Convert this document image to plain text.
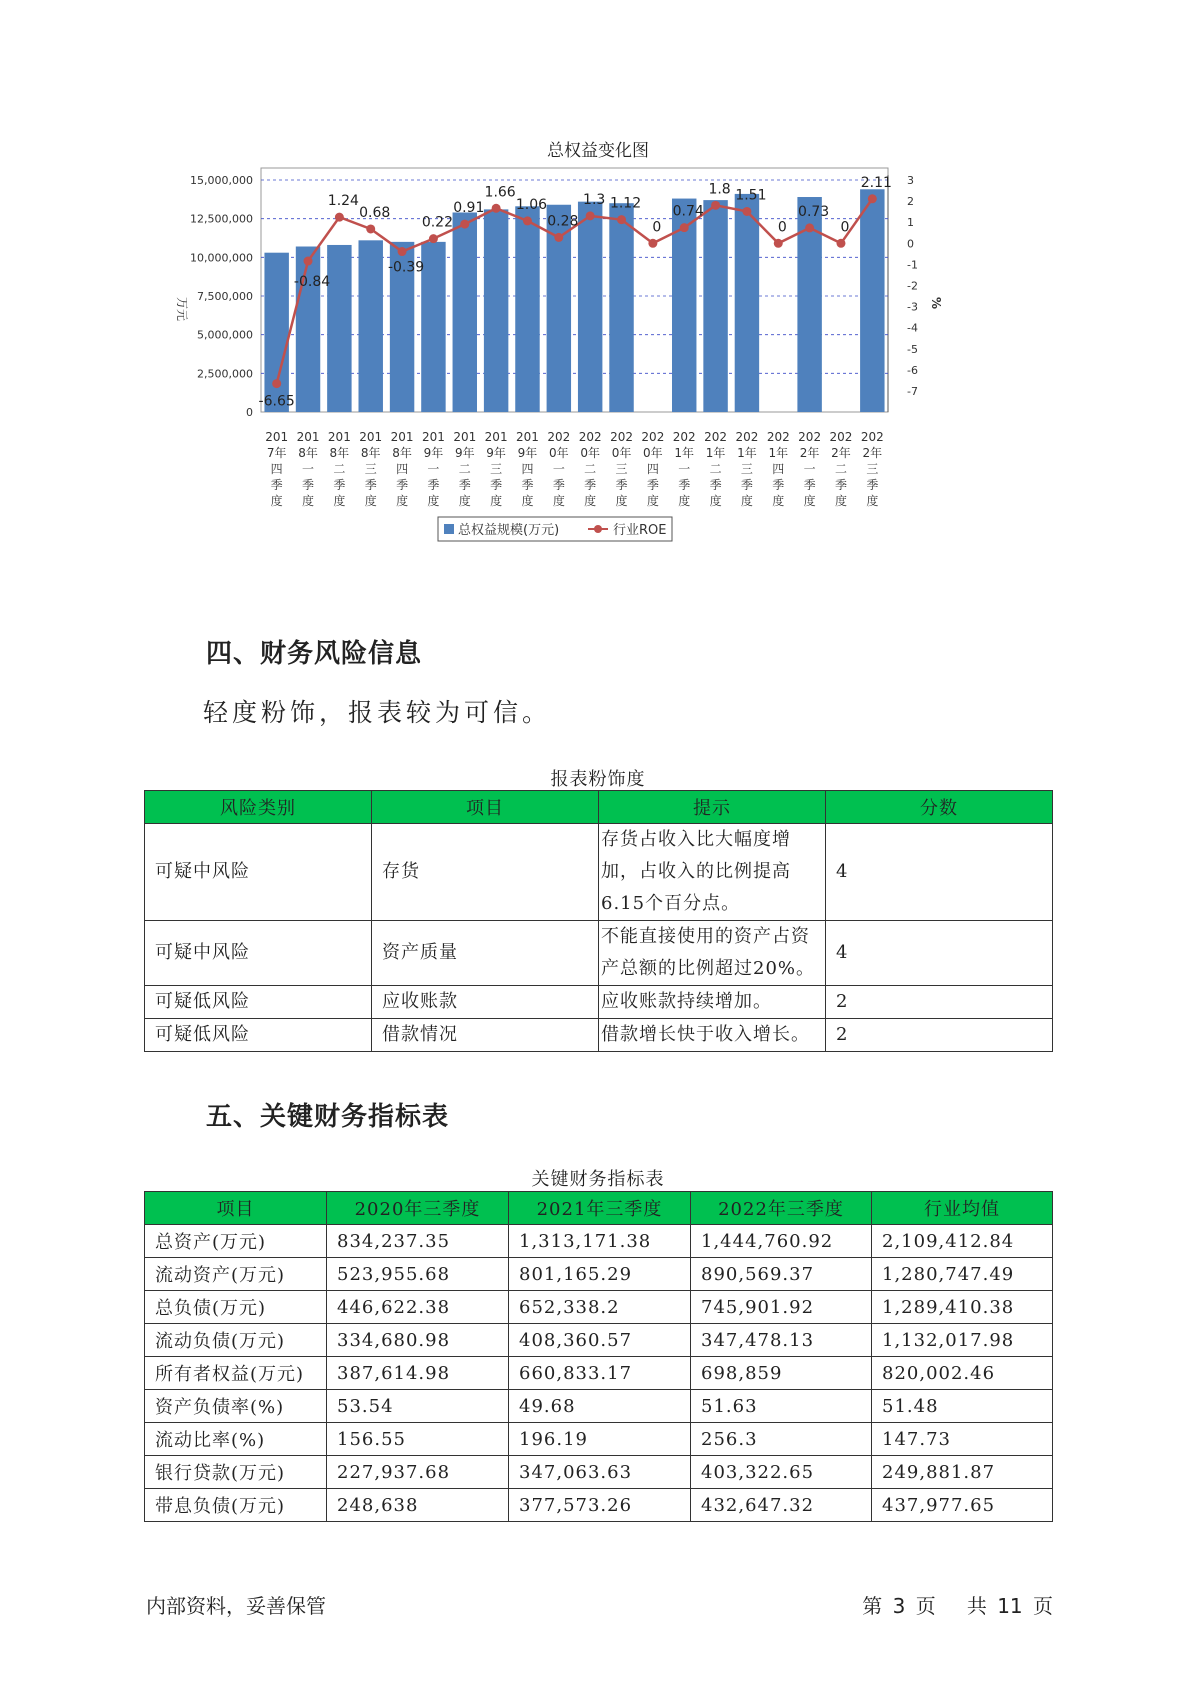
总权益变化图
0
2,500,000
5,000,000
7,500,000
10,000,000
12,500,000
15,000,000	3
2
1
0
-1
-2
-3
-4
-5
-6
-7
万元	%
-6.65
-0.84
1.24
0.68
-0.39
0.22
0.91
1.66
1.06
0.28
1.3 1.12
0
0.74
1.8 1.51
0
0.73
0
2.11
201
7年
四
季
度
201
8年
一
季
度
201
8年
二
季
度
201
8年
三
季
度
201
8年
四
季
度
201
9年
一
季
度
201
9年
二
季
度
201
9年
三
季
度
201
9年
四
季
度
202
0年
一
季
度
202
0年
二
季
度
202
0年
三
季
度
202
0年
四
季
度
202
1年
一
季
度
202
1年
二
季
度
202
1年
三
季
度
202
1年
四
季
度
202
2年
一
季
度
202
2年
二
季
度
202
2年
三
季
度
总权益规模(万元)	行业ROE
四、财务风险信息
轻度粉饰，报表较为可信。
报表粉饰度
风险类别	项目	提示	分数
可疑中风险	存货	存货占收入比大幅度增加，占收入的比例提高6.15个百分点。	4
可疑中风险	资产质量	不能直接使用的资产占资产总额的比例超过20%。	4
可疑低风险	应收账款	应收账款持续增加。	2
可疑低风险	借款情况	借款增长快于收入增长。	2
五、关键财务指标表
关键财务指标表
项目	2020年三季度	2021年三季度	2022年三季度	行业均值
总资产(万元)	834,237.35	1,313,171.38	1,444,760.92	2,109,412.84
流动资产(万元)	523,955.68	801,165.29	890,569.37	1,280,747.49
总负债(万元)	446,622.38	652,338.2	745,901.92	1,289,410.38
流动负债(万元)	334,680.98	408,360.57	347,478.13	1,132,017.98
所有者权益(万元)	387,614.98	660,833.17	698,859	820,002.46
资产负债率(%)	53.54	49.68	51.63	51.48
流动比率(%)	156.55	196.19	256.3	147.73
银行贷款(万元)	227,937.68	347,063.63	403,322.65	249,881.87
带息负债(万元)	248,638	377,573.26	432,647.32	437,977.65
内部资料，妥善保管	第 3 页 共 11 页
